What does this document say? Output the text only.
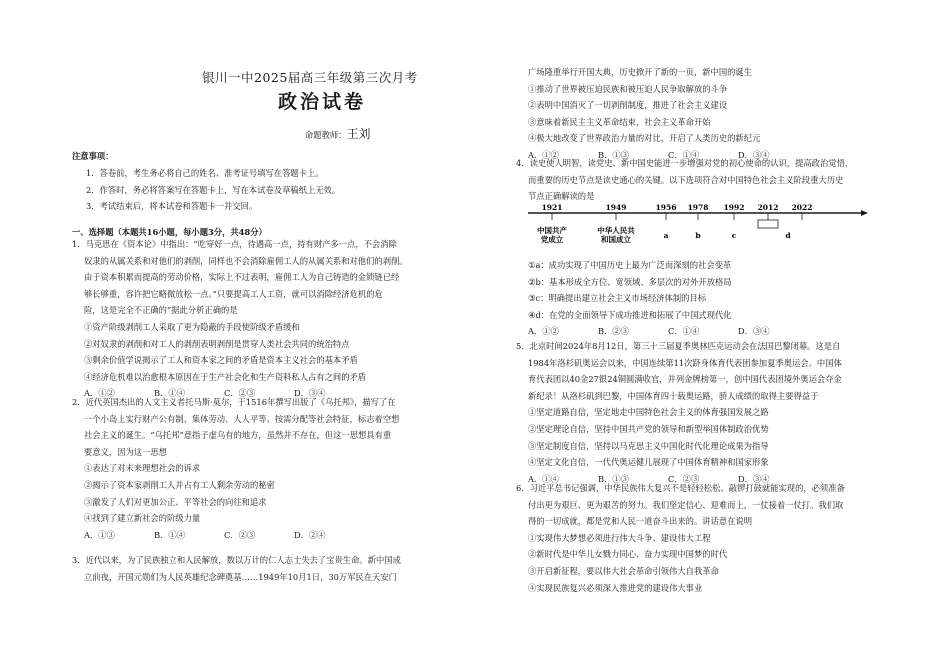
银川一中2025届高三年级第三次月考
政治试卷
命题教师：王刘
注意事项：
1．答卷前，考生务必将自己的姓名、准考证号填写在答题卡上。
2．作答时，务必将答案写在答题卡上，写在本试卷及草稿纸上无效。
3．考试结束后，将本试卷和答题卡一并交回。
一、选择题（本题共16小题，每小题3分，共48分）
1．马克思在《资本论》中指出：“吃穿好一点，待遇高一点，持有财产多一点，不会消除
奴隶的从属关系和对他们的剥削，同样也不会消除雇佣工人的从属关系和对他们的剥削。
由于资本积累而提高的劳动价格，实际上不过表明，雇佣工人为自己铸造的金锁链已经
够长够重，容许把它略微放松一点。”只要提高工人工资，就可以消除经济危机的危
险，这是完全不正确的”据此分析正确的是
①资产阶级剥削工人采取了更为隐蔽的手段使阶级矛盾缓和
②对奴隶的剥削和对工人的剥削表明剥削是贯穿人类社会共同的统治特点
③剩余价值学说揭示了工人和资本家之间的矛盾是资本主义社会的基本矛盾
④经济危机难以治愈根本原因在于生产社会化和生产资料私人占有之间的矛盾
A．①②	B．①④	C．②③	D．③④
2．近代英国杰出的人文主义者托马斯·莫尔，于1516年撰写出版了《乌托邦》，描写了在
一个小岛上实行财产公有制、集体劳动、人人平等、按需分配等社会特征，标志着空想
社会主义的诞生。“乌托邦”意指子虚乌有的地方，虽然并不存在，但这一思想具有重
要意义，因为这一思想
①表达了对未来理想社会的诉求
②揭示了资本家剥削工人并占有工人剩余劳动的秘密
③激发了人们对更加公正、平等社会的向往和追求
④找到了建立新社会的阶级力量
A．①③	B．①④	C．②③	D．②④
3．近代以来，为了民族独立和人民解放，数以万计的仁人志士失去了宝贵生命。新中国成
立前夜，开国元勋们为人民英雄纪念碑奠基……1949年10月1日，30万军民在天安门
广场隆重举行开国大典，历史掀开了新的一页，新中国的诞生
①推动了世界被压迫民族和被压迫人民争取解放的斗争
②表明中国消灭了一切剥削制度，推进了社会主义建设
③意味着新民主主义革命结束，社会主义革命开始
④极大地改变了世界政治力量的对比，开启了人类历史的新纪元
A．①②	B．①③	C．①④	D．③④
4．读史使人明智，读党史、新中国史能进一步增强对党的初心使命的认识，提高政治觉悟，
而重要的历史节点是读史通心的关键。以下选项符合对中国特色社会主义阶段重大历史
节点正确解读的是
1921	1949	1956 1978 1992 2012 2022
中国共产
党成立
中华人民共
和国成立	a	b	c	d
①a：成功实现了中国历史上最为广泛而深刻的社会变革
②b：基本形成全方位、宽领域、多层次的对外开放格局
③c：明确提出建立社会主义市场经济体制的目标
④d：在党的全面领导下成功推进和拓展了中国式现代化
A．①②	B．②③	C．①④	D．③④
5．北京时间2024年8月12日，第三十三届夏季奥林匹克运动会在法国巴黎闭幕。这是自
1984年洛杉矶奥运会以来，中国连续第11次跻身体育代表团参加夏季奥运会。中国体
育代表团以40金27银24铜圆满收官，并列金牌榜第一，创中国代表团境外奥运会夺金
新纪录！从洛杉矶到巴黎，中国体育四十载奥运路，骄人成绩的取得主要得益于
①坚定道路自信，坚定地走中国特色社会主义的体育强国发展之路
②坚定理论自信，坚持中国共产党的领导和新型举国体制政治优势
③坚定制度自信，坚持以马克思主义中国化时代化理论成果为指导
④坚定文化自信，一代代奥运健儿展现了中国体育精神和国家形象
A．①④	B．①③	C．②③	D．③④
6．习近平总书记强调，中华民族伟大复兴不是轻轻松松、敲锣打鼓就能实现的，必须准备
付出更为艰巨、更为艰苦的努力。我们坚定信心、迎难而上，一仗接着一仗打。我们取
得的一切成就，都是党和人民一道奋斗出来的。讲话意在说明
①实现伟大梦想必须进行伟大斗争、建设伟大工程
②新时代是中华儿女戮力同心、奋力实现中国梦的时代
③开启新征程，要以伟大社会革命引领伟大自我革命
④实现民族复兴必须深入推进党的建设伟大事业
